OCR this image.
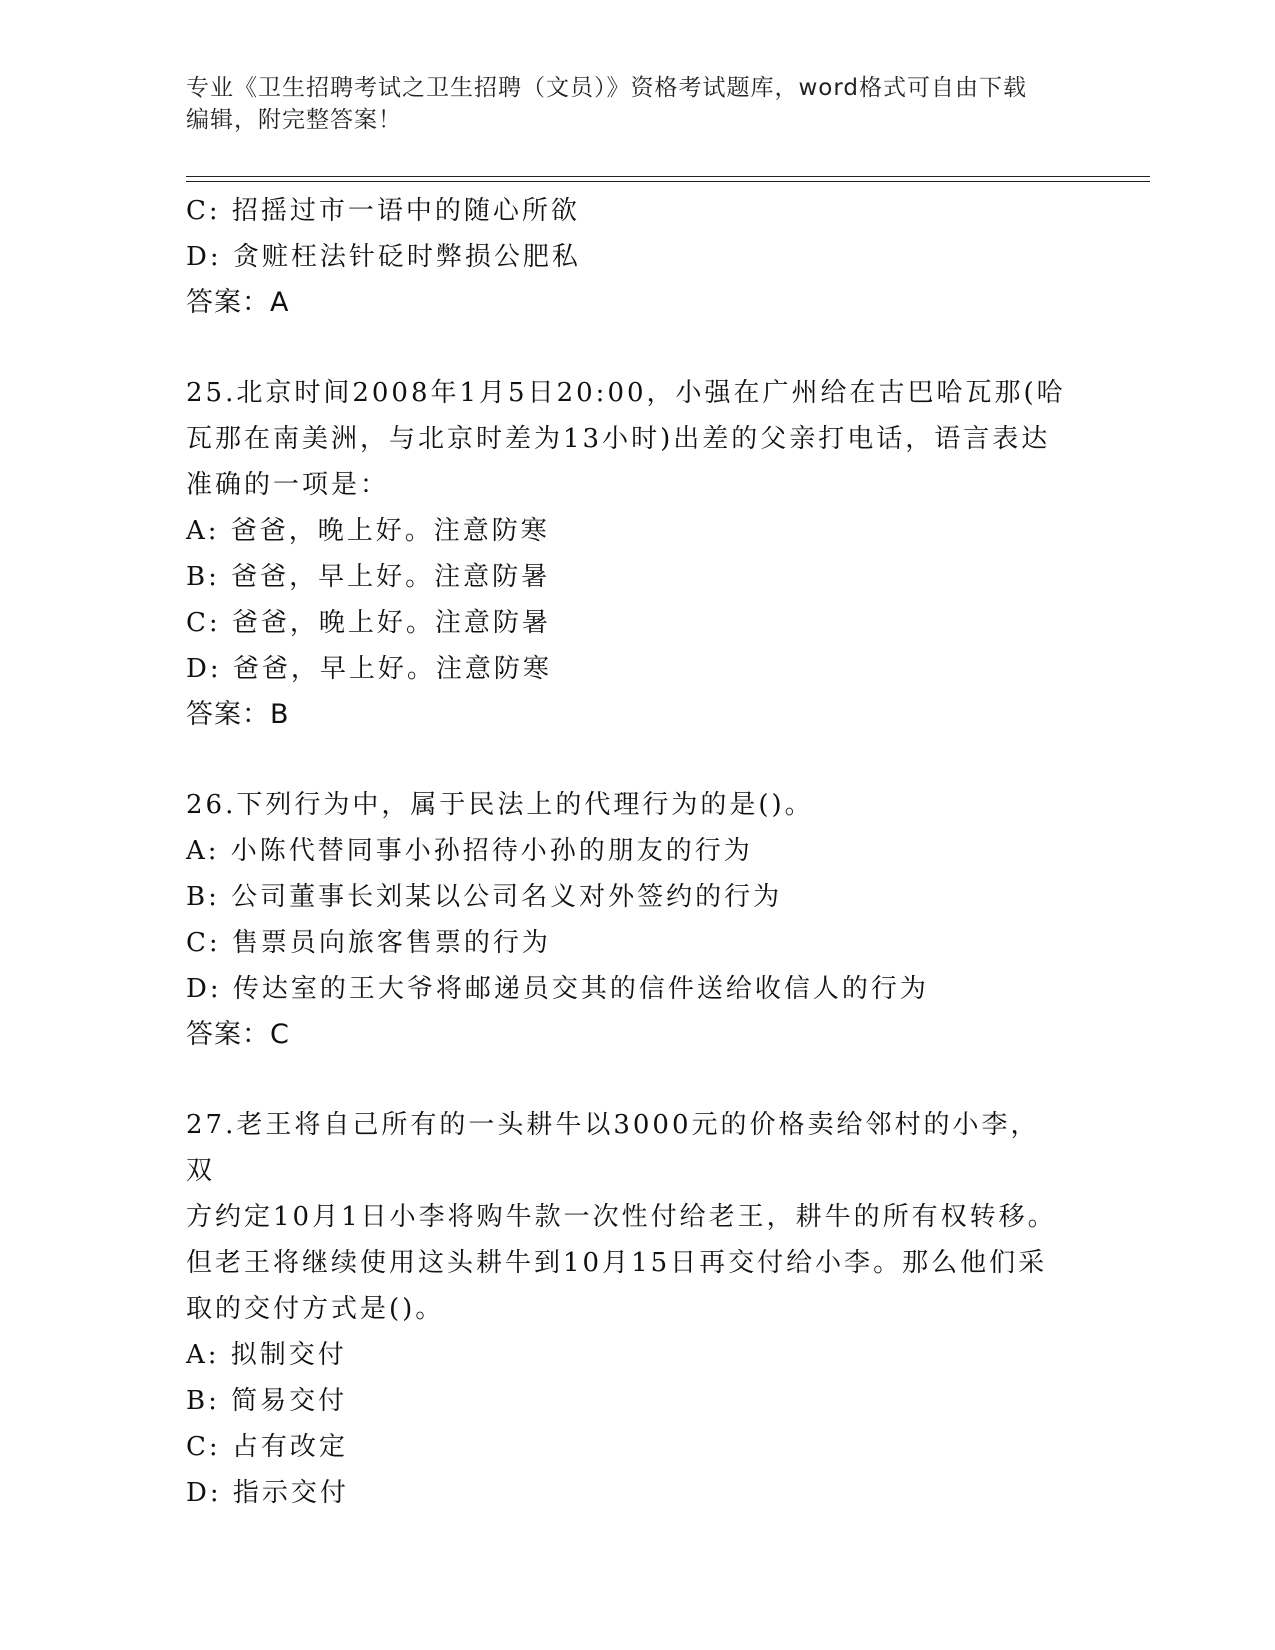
专业《卫生招聘考试之卫生招聘（文员）》资格考试题库，word格式可自由下载
编辑，附完整答案！
C: 招摇过市一语中的随心所欲
D: 贪赃枉法针砭时弊损公肥私
答案：A
25.北京时间2008年1月5日20:00，小强在广州给在古巴哈瓦那(哈
瓦那在南美洲，与北京时差为13小时)出差的父亲打电话，语言表达
准确的一项是：
A: 爸爸，晚上好。注意防寒
B: 爸爸，早上好。注意防暑
C: 爸爸，晚上好。注意防暑
D: 爸爸，早上好。注意防寒
答案：B
26.下列行为中，属于民法上的代理行为的是()。
A: 小陈代替同事小孙招待小孙的朋友的行为
B: 公司董事长刘某以公司名义对外签约的行为
C: 售票员向旅客售票的行为
D: 传达室的王大爷将邮递员交其的信件送给收信人的行为
答案：C
27.老王将自己所有的一头耕牛以3000元的价格卖给邻村的小李，双
方约定10月1日小李将购牛款一次性付给老王，耕牛的所有权转移。
但老王将继续使用这头耕牛到10月15日再交付给小李。那么他们采
取的交付方式是()。
A: 拟制交付
B: 简易交付
C: 占有改定
D: 指示交付
